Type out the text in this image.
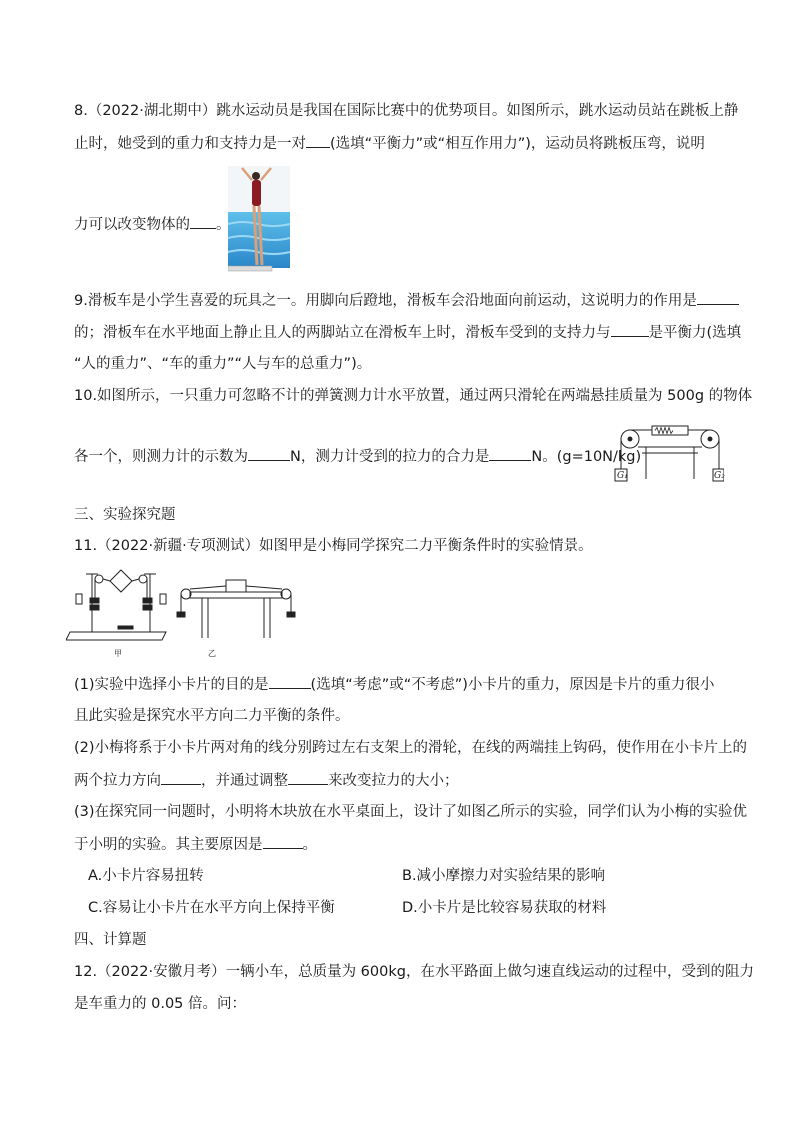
8.（2022·湖北期中）跳水运动员是我国在国际比赛中的优势项目。如图所示，跳水运动员站在跳板上静
止时，她受到的重力和支持力是一对 (选填“平衡力”或“相互作用力”)，运动员将跳板压弯，说明
力可以改变物体的 。
9.滑板车是小学生喜爱的玩具之一。用脚向后蹬地，滑板车会沿地面向前运动，这说明力的作用是
的；滑板车在水平地面上静止且人的两脚站立在滑板车上时，滑板车受到的支持力与	是平衡力(选填
“人的重力”、“车的重力”“人与车的总重力”)。
10.如图所示，一只重力可忽略不计的弹簧测力计水平放置，通过两只滑轮在两端悬挂质量为 500g 的物体
各一个，则测力计的示数为	N，测力计受到的拉力的合力是	N。(g=10N/kg)
G₁	G₂
三、实验探究题
11.（2022·新疆·专项测试）如图甲是小梅同学探究二力平衡条件时的实验情景。
甲	乙
(1)实验中选择小卡片的目的是	(选填“考虑”或“不考虑”)小卡片的重力，原因是卡片的重力很小
且此实验是探究水平方向二力平衡的条件。
(2)小梅将系于小卡片两对角的线分别跨过左右支架上的滑轮，在线的两端挂上钩码，使作用在小卡片上的
两个拉力方向	，并通过调整	来改变拉力的大小；
(3)在探究同一问题时，小明将木块放在水平桌面上，设计了如图乙所示的实验，同学们认为小梅的实验优
于小明的实验。其主要原因是	。
A.小卡片容易扭转	B.减小摩擦力对实验结果的影响
C.容易让小卡片在水平方向上保持平衡	D.小卡片是比较容易获取的材料
四、计算题
12.（2022·安徽月考）一辆小车，总质量为 600kg，在水平路面上做匀速直线运动的过程中，受到的阻力
是车重力的 0.05 倍。问：
